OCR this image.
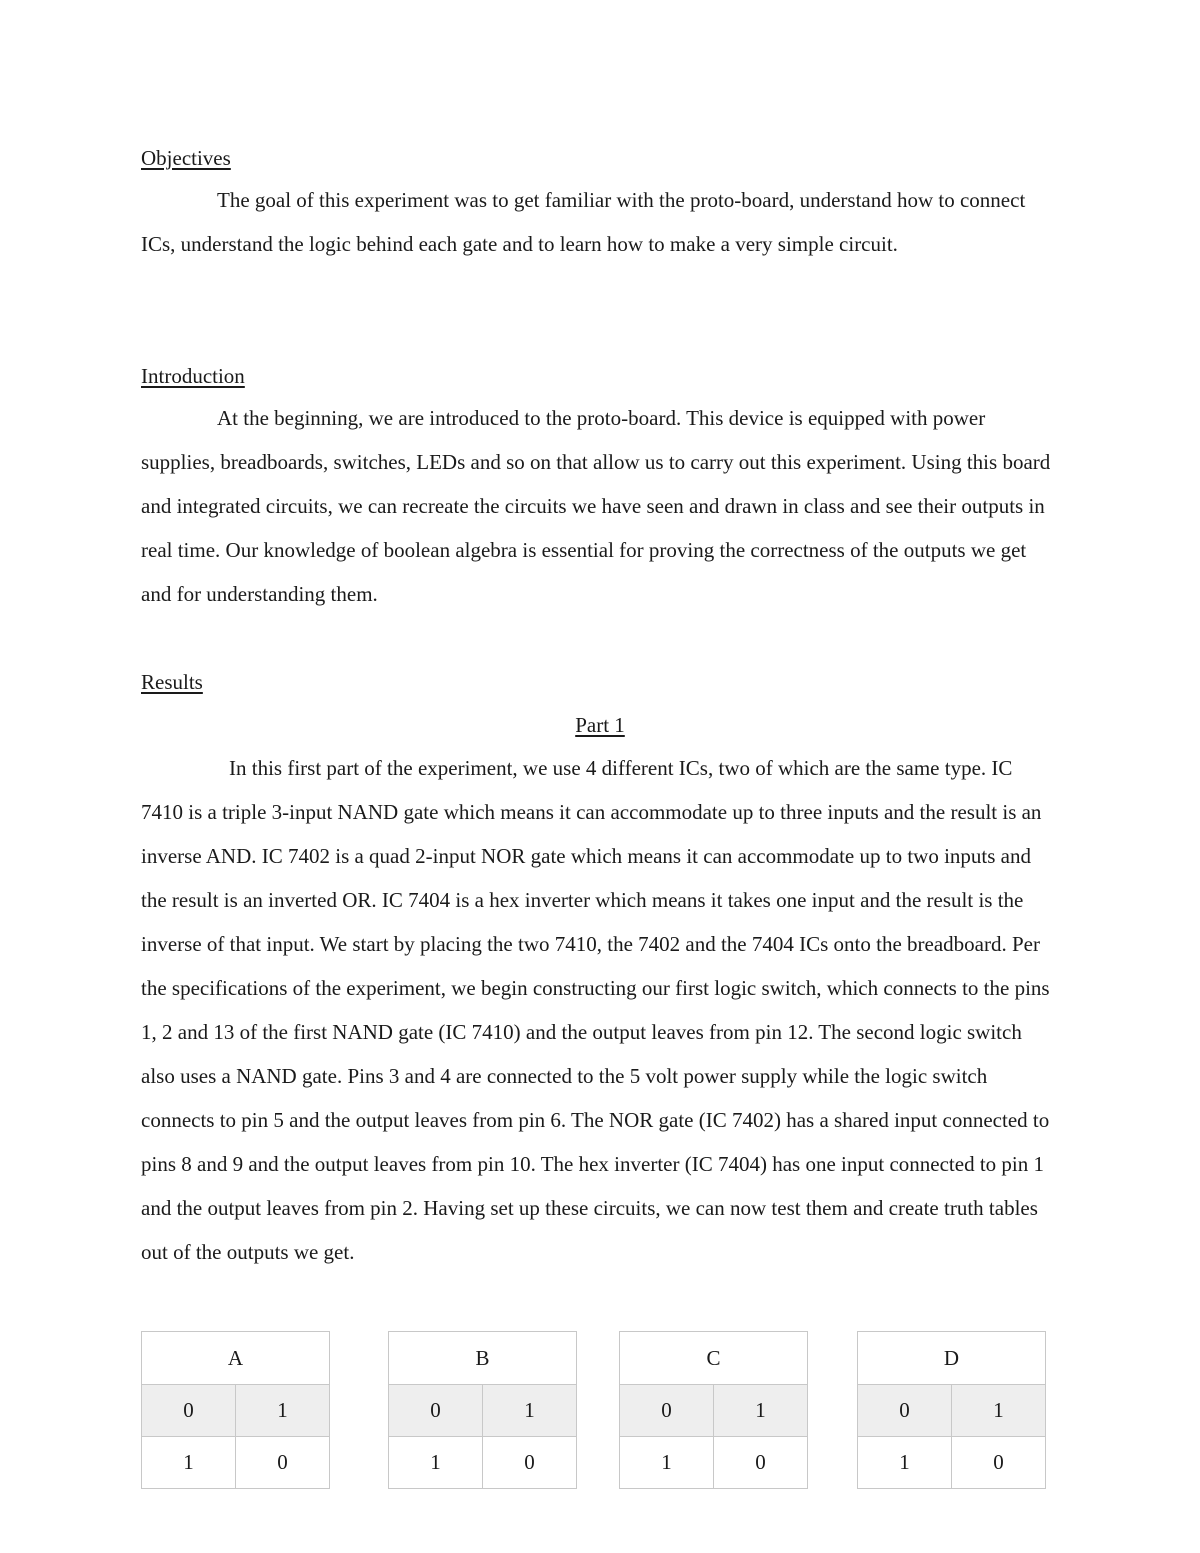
Objectives

The goal of this experiment was to get familiar with the proto-board, understand how to connect ICs, understand the logic behind each gate and to learn how to make a very simple circuit.

Introduction

At the beginning, we are introduced to the proto-board. This device is equipped with power supplies, breadboards, switches, LEDs and so on that allow us to carry out this experiment. Using this board and integrated circuits, we can recreate the circuits we have seen and drawn in class and see their outputs in real time. Our knowledge of boolean algebra is essential for proving the correctness of the outputs we get and for understanding them.

Results
Part 1

In this first part of the experiment, we use 4 different ICs, two of which are the same type. IC 7410 is a triple 3-input NAND gate which means it can accommodate up to three inputs and the result is an inverse AND. IC 7402 is a quad 2-input NOR gate which means it can accommodate up to two inputs and the result is an inverted OR. IC 7404 is a hex inverter which means it takes one input and the result is the inverse of that input. We start by placing the two 7410, the 7402 and the 7404 ICs onto the breadboard. Per the specifications of the experiment, we begin constructing our first logic switch, which connects to the pins 1, 2 and 13 of the first NAND gate (IC 7410) and the output leaves from pin 12. The second logic switch also uses a NAND gate. Pins 3 and 4 are connected to the 5 volt power supply while the logic switch connects to pin 5 and the output leaves from pin 6. The NOR gate (IC 7402) has a shared input connected to pins 8 and 9 and the output leaves from pin 10. The hex inverter (IC 7404) has one input connected to pin 1 and the output leaves from pin 2. Having set up these circuits, we can now test them and create truth tables out of the outputs we get.

A	
0	1
1	0
B	
0	1
1	0
C	
0	1
1	0
D	
0	1
1	0
